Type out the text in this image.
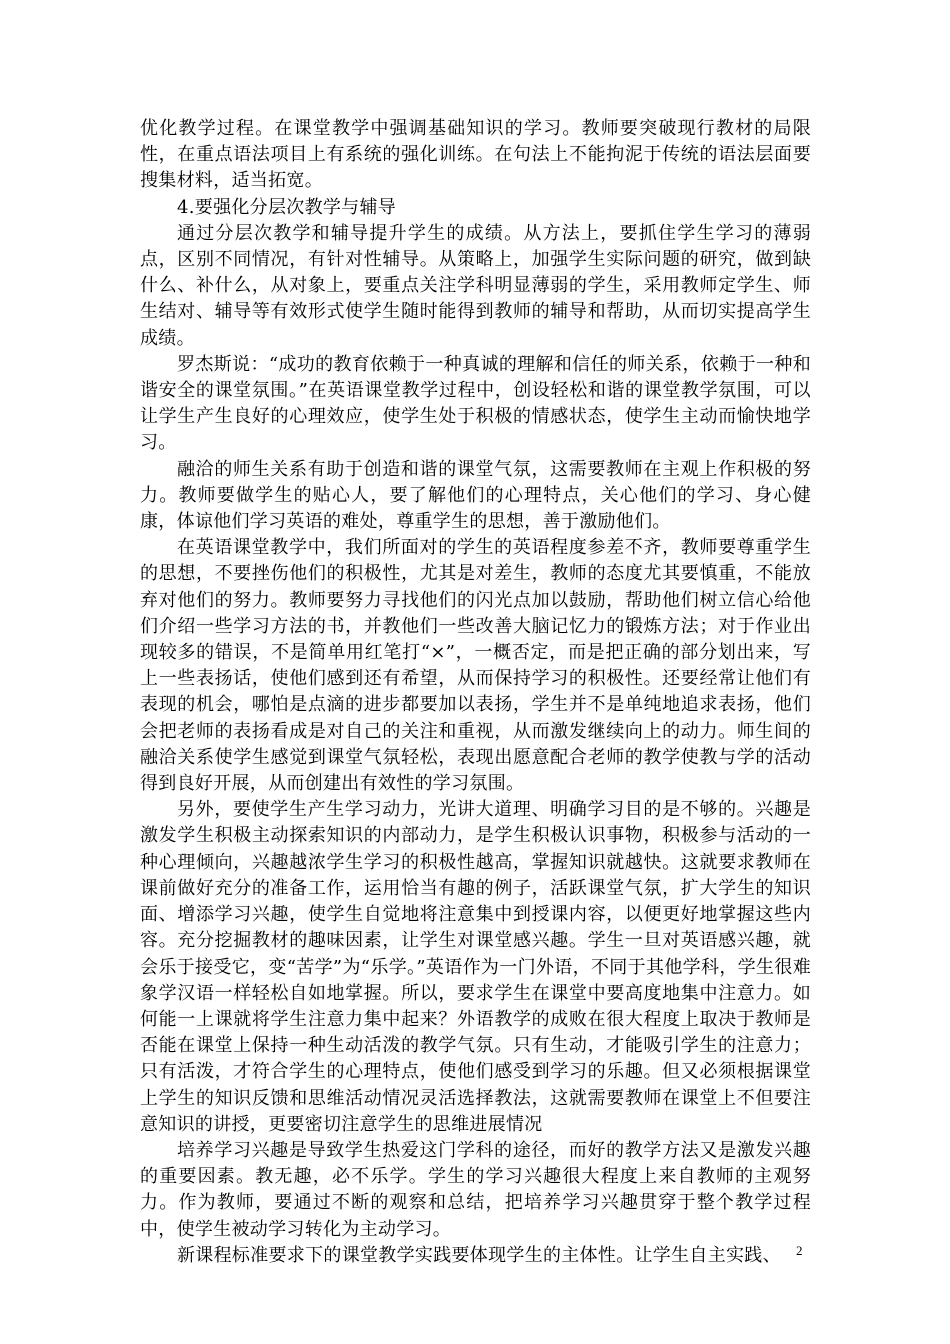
优化教学过程。在课堂教学中强调基础知识的学习。教师要突破现行教材的局限性，在重点语法项目上有系统的强化训练。在句法上不能拘泥于传统的语法层面要搜集材料，适当拓宽。

4.要强化分层次教学与辅导

通过分层次教学和辅导提升学生的成绩。从方法上，要抓住学生学习的薄弱点，区别不同情况，有针对性辅导。从策略上，加强学生实际问题的研究，做到缺什么、补什么，从对象上，要重点关注学科明显薄弱的学生，采用教师定学生、师生结对、辅导等有效形式使学生随时能得到教师的辅导和帮助，从而切实提高学生成绩。

罗杰斯说：“成功的教育依赖于一种真诚的理解和信任的师关系，依赖于一种和谐安全的课堂氛围。”在英语课堂教学过程中，创设轻松和谐的课堂教学氛围，可以让学生产生良好的心理效应，使学生处于积极的情感状态，使学生主动而愉快地学习。

融洽的师生关系有助于创造和谐的课堂气氛，这需要教师在主观上作积极的努力。教师要做学生的贴心人，要了解他们的心理特点，关心他们的学习、身心健康，体谅他们学习英语的难处，尊重学生的思想，善于激励他们。

在英语课堂教学中，我们所面对的学生的英语程度参差不齐，教师要尊重学生的思想，不要挫伤他们的积极性，尤其是对差生，教师的态度尤其要慎重，不能放弃对他们的努力。教师要努力寻找他们的闪光点加以鼓励，帮助他们树立信心给他们介绍一些学习方法的书，并教他们一些改善大脑记忆力的锻炼方法；对于作业出现较多的错误，不是简单用红笔打“×”，一概否定，而是把正确的部分划出来，写上一些表扬话，使他们感到还有希望，从而保持学习的积极性。还要经常让他们有表现的机会，哪怕是点滴的进步都要加以表扬，学生并不是单纯地追求表扬，他们会把老师的表扬看成是对自己的关注和重视，从而激发继续向上的动力。师生间的融洽关系使学生感觉到课堂气氛轻松，表现出愿意配合老师的教学使教与学的活动得到良好开展，从而创建出有效性的学习氛围。

另外，要使学生产生学习动力，光讲大道理、明确学习目的是不够的。兴趣是激发学生积极主动探索知识的内部动力，是学生积极认识事物，积极参与活动的一种心理倾向，兴趣越浓学生学习的积极性越高，掌握知识就越快。这就要求教师在课前做好充分的准备工作，运用恰当有趣的例子，活跃课堂气氛，扩大学生的知识面、增添学习兴趣，使学生自觉地将注意集中到授课内容，以便更好地掌握这些内容。充分挖掘教材的趣味因素，让学生对课堂感兴趣。学生一旦对英语感兴趣，就会乐于接受它，变“苦学”为“乐学。”英语作为一门外语，不同于其他学科，学生很难象学汉语一样轻松自如地掌握。所以，要求学生在课堂中要高度地集中注意力。如何能一上课就将学生注意力集中起来？外语教学的成败在很大程度上取决于教师是否能在课堂上保持一种生动活泼的教学气氛。只有生动，才能吸引学生的注意力；只有活泼，才符合学生的心理特点，使他们感受到学习的乐趣。但又必须根据课堂上学生的知识反馈和思维活动情况灵活选择教法，这就需要教师在课堂上不但要注意知识的讲授，更要密切注意学生的思维进展情况

培养学习兴趣是导致学生热爱这门学科的途径，而好的教学方法又是激发兴趣的重要因素。教无趣，必不乐学。学生的学习兴趣很大程度上来自教师的主观努力。作为教师，要通过不断的观察和总结，把培养学习兴趣贯穿于整个教学过程中，使学生被动学习转化为主动学习。

新课程标准要求下的课堂教学实践要体现学生的主体性。让学生自主实践、	2
